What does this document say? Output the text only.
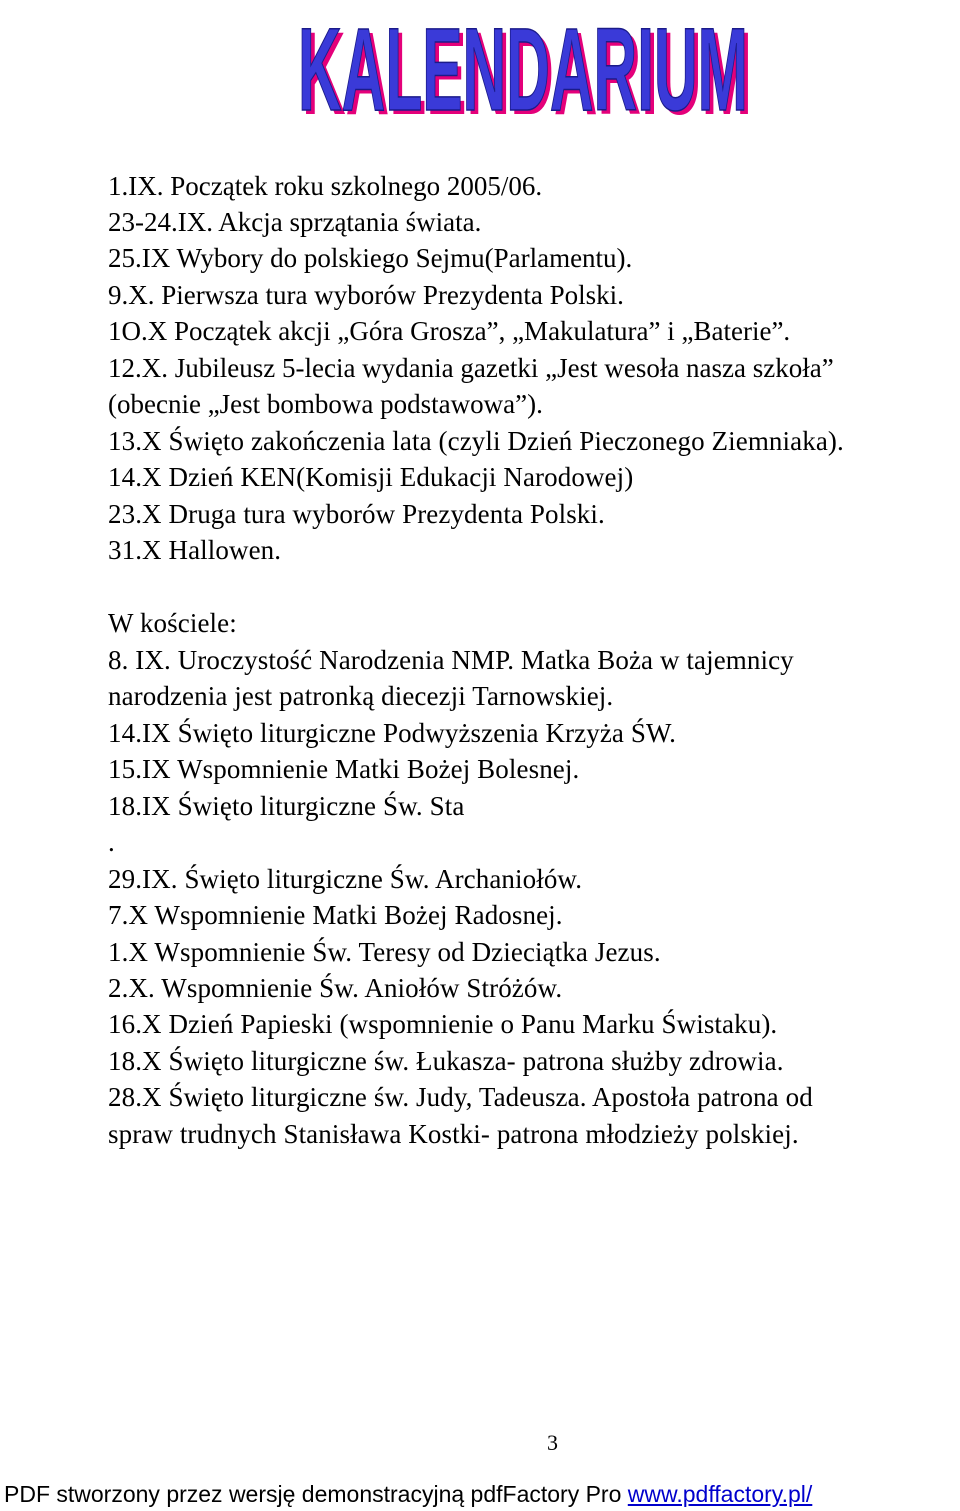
KALENDARIUM
KALENDARIUM
1.IX. Początek roku szkolnego 2005/06.
23-24.IX. Akcja sprzątania świata.
25.IX Wybory do polskiego Sejmu(Parlamentu).
9.X. Pierwsza tura wyborów Prezydenta Polski.
1O.X Początek akcji „Góra Grosza”, „Makulatura” i „Baterie”.
12.X. Jubileusz 5-lecia wydania gazetki „Jest wesoła nasza szkoła”
(obecnie „Jest bombowa podstawowa”).
13.X Święto zakończenia lata (czyli Dzień Pieczonego Ziemniaka).
14.X Dzień KEN(Komisji Edukacji Narodowej)
23.X Druga tura wyborów Prezydenta Polski.
31.X Hallowen.
W kościele:
8. IX. Uroczystość Narodzenia NMP. Matka Boża w tajemnicy
narodzenia jest patronką diecezji Tarnowskiej.
14.IX Święto liturgiczne Podwyższenia Krzyża ŚW.
15.IX Wspomnienie Matki Bożej Bolesnej.
18.IX Święto liturgiczne Św. Sta
.
29.IX. Święto liturgiczne Św. Archaniołów.
7.X Wspomnienie Matki Bożej Radosnej.
1.X Wspomnienie Św. Teresy od Dzieciątka Jezus.
2.X. Wspomnienie Św. Aniołów Stróżów.
16.X Dzień Papieski (wspomnienie o Panu Marku Świstaku).
18.X Święto liturgiczne św. Łukasza- patrona służby zdrowia.
28.X Święto liturgiczne św. Judy, Tadeusza. Apostoła patrona od
spraw trudnych Stanisława Kostki- patrona młodzieży polskiej.
3
PDF stworzony przez wersję demonstracyjną pdfFactory Pro www.pdffactory.pl/
